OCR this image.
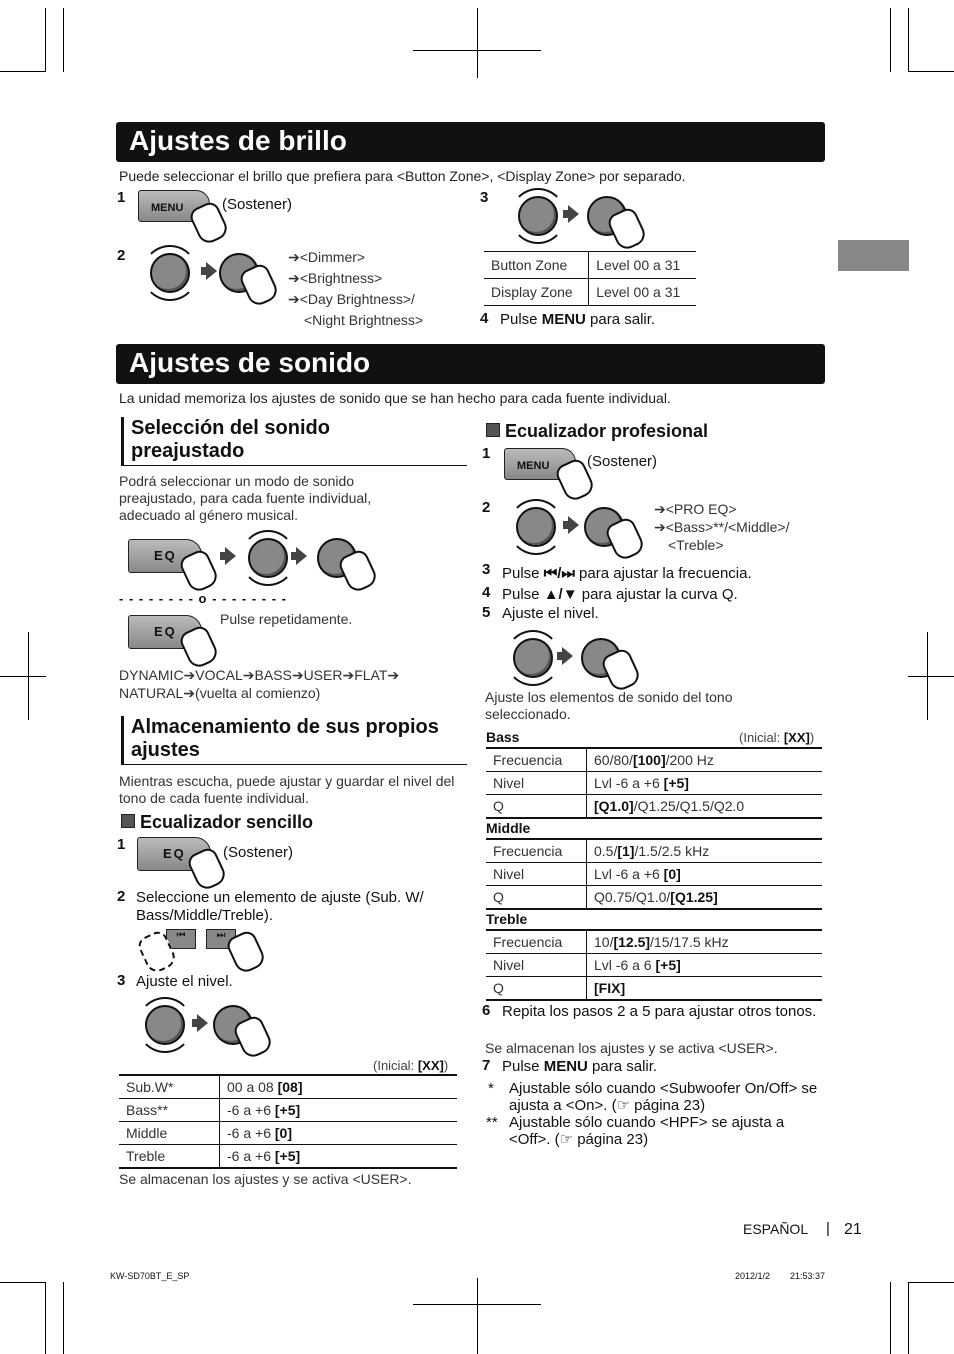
Ajustes de brillo
Puede seleccionar el brillo que prefiera para <Button Zone>, <Display Zone> por separado.
1
MENU	(Sostener)
2	➔<Dimmer>
➔<Brightness>
➔<Day Brightness>/
<Night Brightness>
3
Button Zone	Level 00 a 31
Display Zone	Level 00 a 31
4 Pulse MENU para salir.
Ajustes de sonido
La unidad memoriza los ajustes de sonido que se han hecho para cada fuente individual.
Selección del sonido preajustado
Podrá seleccionar un modo de sonido preajustado, para cada fuente individual, adecuado al género musical.
EQ
- - - - - - - - o - - - - - - - -
EQ
Pulse repetidamente.
DYNAMIC➔VOCAL➔BASS➔USER➔FLAT➔
NATURAL➔(vuelta al comienzo)
Almacenamiento de sus propios ajustes
Mientras escucha, puede ajustar y guardar el nivel del tono de cada fuente individual.
Ecualizador sencillo
1
EQ (Sostener)
2 Seleccione un elemento de ajuste (Sub. W/ Bass/Middle/Treble).
⏮	⏭
3 Ajuste el nivel.
(Inicial: [XX])
Sub.W*	00 a 08 [08]
Bass**	-6 a +6 [+5]
Middle	-6 a +6 [0]
Treble	-6 a +6 [+5]
Se almacenan los ajustes y se activa <USER>.
Ecualizador profesional
1
MENU	(Sostener)
2	➔<PRO EQ>
➔<Bass>**/<Middle>/
<Treble>
3 Pulse ⏮/⏭ para ajustar la frecuencia.
4 Pulse ▲/▼ para ajustar la curva Q.
5 Ajuste el nivel.
Ajuste los elementos de sonido del tono seleccionado.
Bass	(Inicial: [XX])
Frecuencia	60/80/[100]/200 Hz
Nivel	Lvl -6 a +6 [+5]
Q	[Q1.0]/Q1.25/Q1.5/Q2.0
Middle
Frecuencia	0.5/[1]/1.5/2.5 kHz
Nivel	Lvl -6 a +6 [0]
Q	Q0.75/Q1.0/[Q1.25]
Treble
Frecuencia	10/[12.5]/15/17.5 kHz
Nivel	Lvl -6 a 6 [+5]
Q	[FIX]
6 Repita los pasos 2 a 5 para ajustar otros tonos.
Se almacenan los ajustes y se activa <USER>.
7 Pulse MENU para salir.
* Ajustable sólo cuando <Subwoofer On/Off> se ajusta a <On>. (☞ página 23)
** Ajustable sólo cuando <HPF> se ajusta a <Off>. (☞ página 23)
ESPAÑOL | 21
KW-SD70BT_E_SP	2012/1/2 21:53:37
